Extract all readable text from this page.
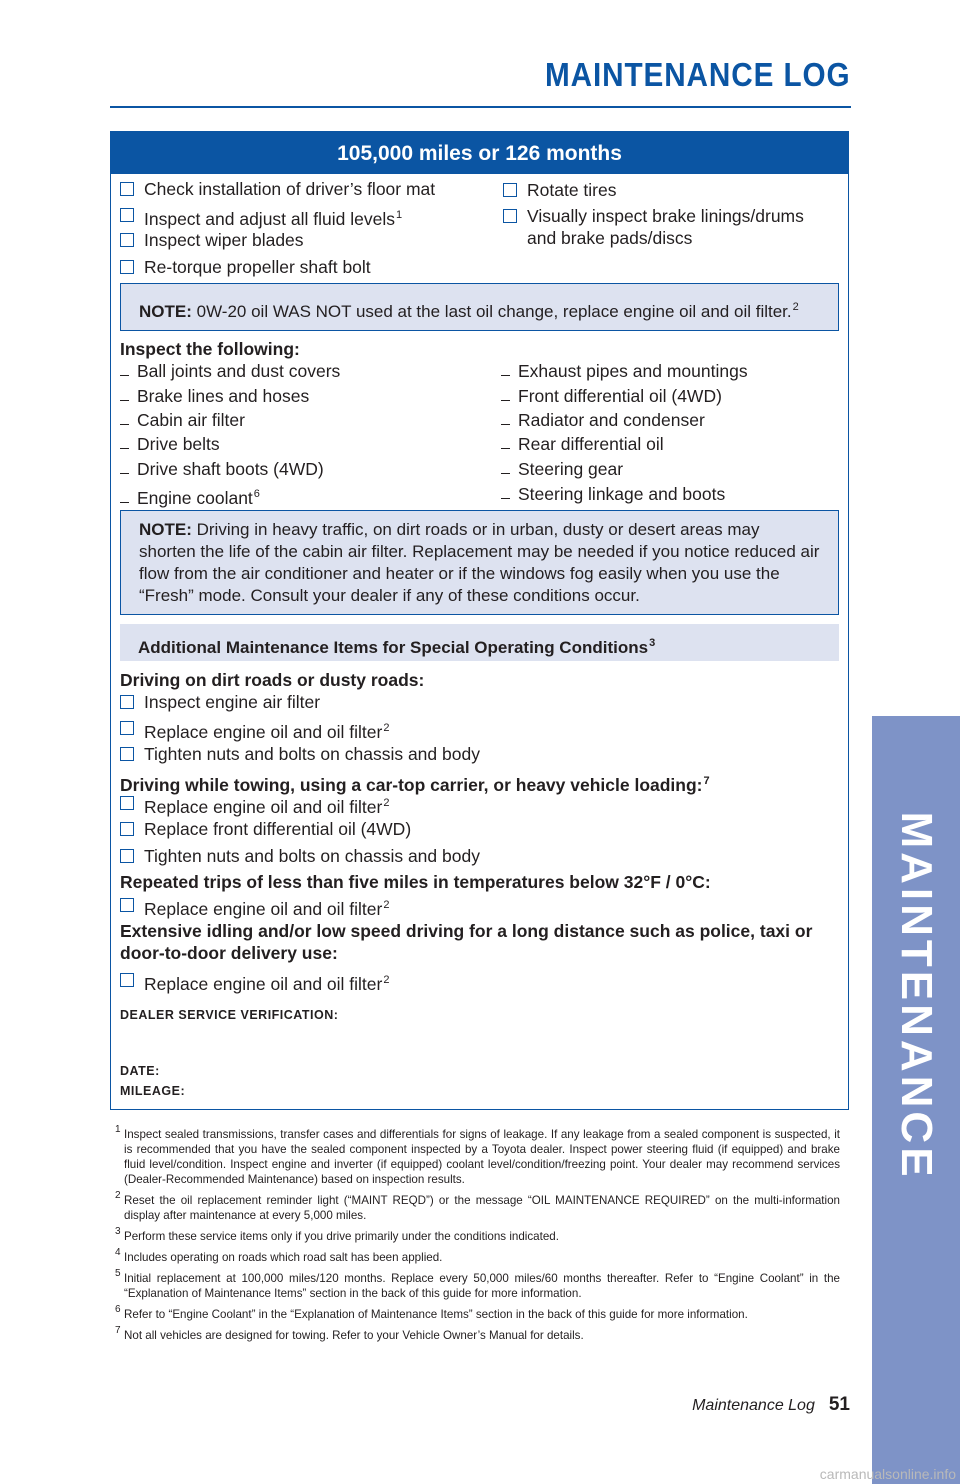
MAINTENANCE LOG
MAINTENANCE
105,000 miles or 126 months
Check installation of driver’s floor mat
Inspect and adjust all fluid levels$^1$
Inspect wiper blades
Re-torque propeller shaft bolt
Rotate tires
Visually inspect brake linings/drums and brake pads/discs
NOTE: 0W-20 oil WAS NOT used at the last oil change, replace engine oil and oil filter.$^2$
Inspect the following:
Ball joints and dust covers
Brake lines and hoses
Cabin air filter
Drive belts
Drive shaft boots (4WD)
Engine coolant$^6$
Exhaust pipes and mountings
Front differential oil (4WD)
Radiator and condenser
Rear differential oil
Steering gear
Steering linkage and boots
NOTE: Driving in heavy traffic, on dirt roads or in urban, dusty or desert areas may shorten the life of the cabin air filter. Replacement may be needed if you notice reduced air flow from the air conditioner and heater or if the windows fog easily when you use the “Fresh” mode. Consult your dealer if any of these conditions occur.
Additional Maintenance Items for Special Operating Conditions$^3$
Driving on dirt roads or dusty roads:
Inspect engine air filter
Replace engine oil and oil filter$^2$
Tighten nuts and bolts on chassis and body
Driving while towing, using a car-top carrier, or heavy vehicle loading:$^7$
Replace engine oil and oil filter$^2$
Replace front differential oil (4WD)
Tighten nuts and bolts on chassis and body
Repeated trips of less than five miles in temperatures below 32°F / 0°C:
Replace engine oil and oil filter$^2$
Extensive idling and/or low speed driving for a long distance such as police, taxi or door-to-door delivery use:
Replace engine oil and oil filter$^2$
DEALER SERVICE VERIFICATION:
DATE:
MILEAGE:
1 Inspect sealed transmissions, transfer cases and differentials for signs of leakage. If any leakage from a sealed component is suspected, it is recommended that you have the sealed component inspected by a Toyota dealer. Inspect power steering fluid (if equipped) and brake fluid level/condition. Inspect engine and inverter (if equipped) coolant level/condition/freezing point. Your dealer may recommend services (Dealer-Recommended Maintenance) based on inspection results.
2 Reset the oil replacement reminder light (“MAINT REQD”) or the message “OIL MAINTENANCE REQUIRED” on the multi-information display after maintenance at every 5,000 miles.
3 Perform these service items only if you drive primarily under the conditions indicated.
4 Includes operating on roads which road salt has been applied.
5 Initial replacement at 100,000 miles/120 months. Replace every 50,000 miles/60 months thereafter. Refer to “Engine Coolant” in the “Explanation of Maintenance Items” section in the back of this guide for more information.
6 Refer to “Engine Coolant” in the “Explanation of Maintenance Items” section in the back of this guide for more information.
7 Not all vehicles are designed for towing. Refer to your Vehicle Owner’s Manual for details.
Maintenance Log 51
carmanualsonline.info
